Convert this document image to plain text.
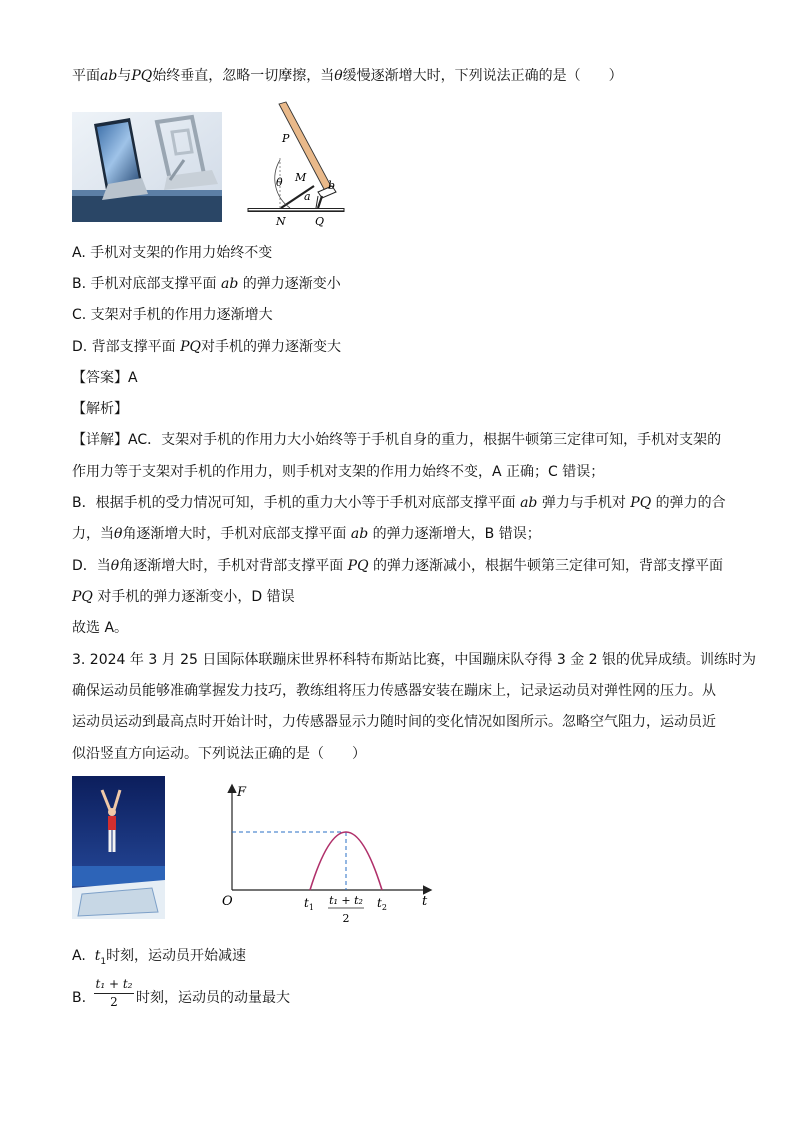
平面ab与PQ始终垂直，忽略一切摩擦，当θ缓慢逐渐增大时，下列说法正确的是（　　）
P
M
θ	b
a
N	Q
A. 手机对支架的作用力始终不变
B. 手机对底部支撑平面 ab 的弹力逐渐变小
C. 支架对手机的作用力逐渐增大
D. 背部支撑平面 PQ对手机的弹力逐渐变大
【答案】A
【解析】
【详解】AC．支架对手机的作用力大小始终等于手机自身的重力，根据牛顿第三定律可知，手机对支架的
作用力等于支架对手机的作用力，则手机对支架的作用力始终不变，A 正确；C 错误；
B．根据手机的受力情况可知，手机的重力大小等于手机对底部支撑平面 ab 弹力与手机对 PQ 的弹力的合
力，当θ角逐渐增大时，手机对底部支撑平面 ab 的弹力逐渐增大，B 错误；
D．当θ角逐渐增大时，手机对背部支撑平面 PQ 的弹力逐渐减小，根据牛顿第三定律可知，背部支撑平面
PQ 对手机的弹力逐渐变小，D 错误
故选 A。
3. 2024 年 3 月 25 日国际体联蹦床世界杯科特布斯站比赛，中国蹦床队夺得 3 金 2 银的优异成绩。训练时为
确保运动员能够准确掌握发力技巧，教练组将压力传感器安装在蹦床上，记录运动员对弹性网的压力。从
运动员运动到最高点时开始计时，力传感器显示力随时间的变化情况如图所示。忽略空气阻力，运动员近
似沿竖直方向运动。下列说法正确的是（　　）
F
t
O	$t_1$	$t_2$
t₁ + t₂
2
A. $t_1$时刻，运动员开始减速
B.
t₁ + t₂
2	时刻，运动员的动量最大
